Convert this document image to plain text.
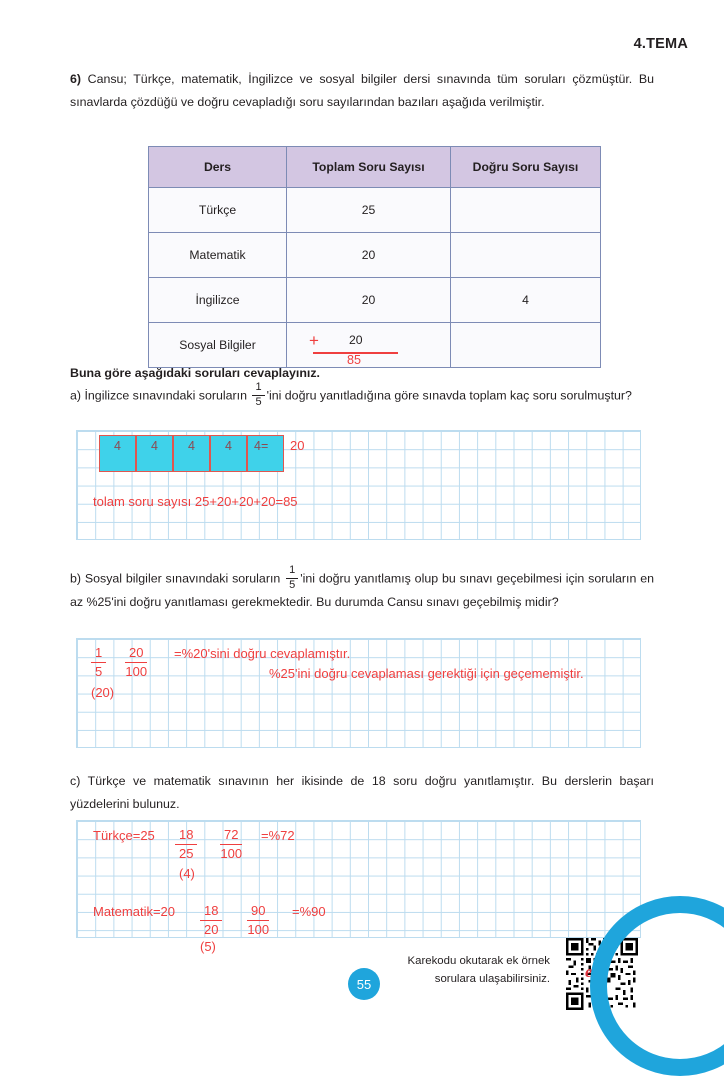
4.TEMA
6) Cansu; Türkçe, matematik, İngilizce ve sosyal bilgiler dersi sınavında tüm soruları çözmüştür. Bu sınavlarda çözdüğü ve doğru cevapladığı soru sayılarından bazıları aşağıda verilmiştir.
Ders	Toplam Soru Sayısı	Doğru Soru Sayısı
Türkçe	25	
Matematik	20	
İngilizce	20	4
Sosyal Bilgiler	+ 20
85	

Buna göre aşağıdaki soruları cevaplayınız.
a) İngilizce sınavındaki soruların $\frac{1}{5}$ 'ini doğru yanıtladığına göre sınavda toplam kaç soru sorulmuştur?
4	4	4	4	4=	20
tolam soru sayısı 25+20+20+20=85
b) Sosyal bilgiler sınavındaki soruların $\frac{1}{5}$ 'ini doğru yanıtlamış olup bu sınavı geçebilmesi için soruların en az %25'ini doğru yanıtlaması gerekmektedir. Bu durumda Cansu sınavı geçebilmiş midir?
$\frac{1}{5} \frac{20}{100} =\%20'\sin i$ doğru cevaplamıştır.
%25'ini doğru cevaplaması gerektiği için geçememiştir.
(20)
c) Türkçe ve matematik sınavının her ikisinde de 18 soru doğru yanıtlamıştır. Bu derslerin başarı yüzdelerini bulunuz.
Türkçe=25 $\frac{18}{25} \frac{72}{100} =\%72$
(4)
Matematik=20 $\frac{18}{20} \frac{90}{100} =\%90$
(5)
55
Karekodu okutarak ek örnek
sorulara ulaşabilirsiniz. eba
